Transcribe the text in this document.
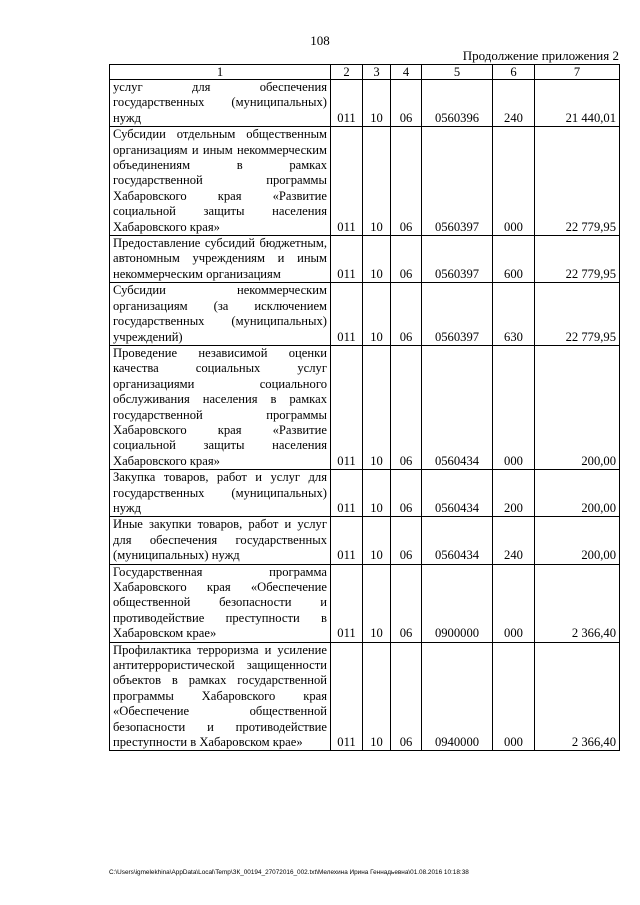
108
Продолжение приложения 2
1	2	3	4	5	6	7
услуг для обеспечения государственных (муниципальных) нужд	011	10	06	0560396	240	21 440,01
Субсидии отдельным общественным организациям и иным некоммерческим объединениям в рамках государственной программы Хабаровского края «Развитие социальной защиты населения Хабаровского края»	011	10	06	0560397	000	22 779,95
Предоставление субсидий бюджетным, автономным учреждениям и иным некоммерческим организациям	011	10	06	0560397	600	22 779,95
Субсидии некоммерческим организациям (за исключением государственных (муниципальных) учреждений)	011	10	06	0560397	630	22 779,95
Проведение независимой оценки качества социальных услуг организациями социального обслуживания населения в рамках государственной программы Хабаровского края «Развитие социальной защиты населения Хабаровского края»	011	10	06	0560434	000	200,00
Закупка товаров, работ и услуг для государственных (муниципальных) нужд	011	10	06	0560434	200	200,00
Иные закупки товаров, работ и услуг для обеспечения государственных (муниципальных) нужд	011	10	06	0560434	240	200,00
Государственная программа Хабаровского края «Обеспечение общественной безопасности и противодействие преступности в Хабаровском крае»	011	10	06	0900000	000	2 366,40
Профилактика терроризма и усиление антитеррористической защищенности объектов в рамках государственной программы Хабаровского края «Обеспечение общественной безопасности и противодействие преступности в Хабаровском крае»	011	10	06	0940000	000	2 366,40
C:\Users\igmelekhina\AppData\Local\Temp\ЗК_00194_27072016_002.txt\Мелехина Ирина Геннадьевна\01.08.2016 10:18:38
